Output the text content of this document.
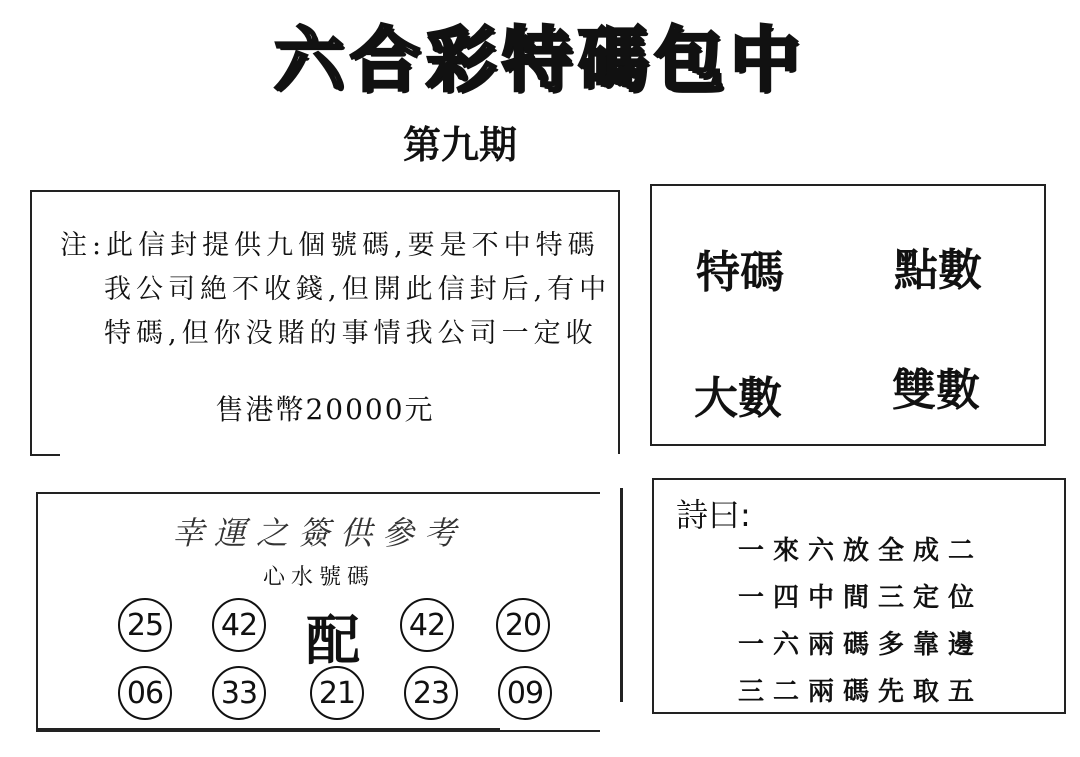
六合彩特碼包中
第九期
注:此信封提供九個號碼,要是不中特碼
我公司絶不收錢,但開此信封后,有中
特碼,但你没賭的事情我公司一定收
售港幣20000元
特碼	點數
大數	雙數
幸運之簽供參考
心水號碼
25 42 配 42 20
06 33 21 23 09
詩曰:
一來六放全成二
一四中間三定位
一六兩碼多靠邊
三二兩碼先取五
